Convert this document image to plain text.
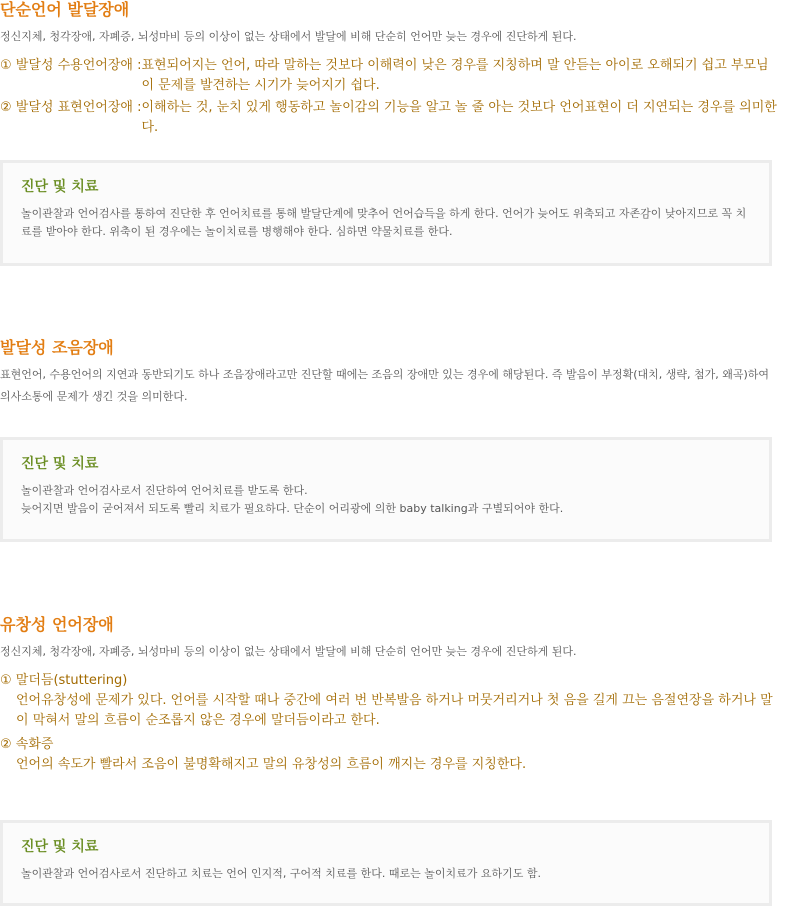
단순언어 발달장애

정신지체, 청각장애, 자폐증, 뇌성마비 등의 이상이 없는 상태에서 발달에 비해 단순히 언어만 늦는 경우에 진단하게 된다.

① 발달성 수용언어장애 : 표현되어지는 언어, 따라 말하는 것보다 이해력이 낮은 경우를 지칭하며 말 안듣는 아이로 오해되기 쉽고 부모님이 문제를 발견하는 시기가 늦어지기 쉽다.
② 발달성 표현언어장애 : 이해하는 것, 눈치 있게 행동하고 놀이감의 기능을 알고 놀 줄 아는 것보다 언어표현이 더 지연되는 경우를 의미한다.
진단 및 치료

놀이관찰과 언어검사를 통하여 진단한 후 언어치료를 통해 발달단계에 맞추어 언어습득을 하게 한다. 언어가 늦어도 위축되고 자존감이 낮아지므로 꼭 치료를 받아야 한다. 위축이 된 경우에는 놀이치료를 병행해야 한다. 심하면 약물치료를 한다.

발달성 조음장애

표현언어, 수용언어의 지연과 동반되기도 하나 조음장애라고만 진단할 때에는 조음의 장애만 있는 경우에 해당된다. 즉 발음이 부정확(대치, 생략, 첨가, 왜곡)하여 의사소통에 문제가 생긴 것을 의미한다.

진단 및 치료

놀이관찰과 언어검사로서 진단하여 언어치료를 받도록 한다.

늦어지면 발음이 굳어져서 되도록 빨리 치료가 필요하다. 단순이 어리광에 의한 baby talking과 구별되어야 한다.

유창성 언어장애

정신지체, 청각장애, 자폐증, 뇌성마비 등의 이상이 없는 상태에서 발달에 비해 단순히 언어만 늦는 경우에 진단하게 된다.

① 말더듬(stuttering)
언어유창성에 문제가 있다. 언어를 시작할 때나 중간에 여러 번 반복발음 하거나 머뭇거리거나 첫 음을 길게 끄는 음절연장을 하거나 말이 막혀서 말의 흐름이 순조롭지 않은 경우에 말더듬이라고 한다.
② 속화증
언어의 속도가 빨라서 조음이 불명확해지고 말의 유창성의 흐름이 깨지는 경우를 지칭한다.
진단 및 치료

놀이관찰과 언어검사로서 진단하고 치료는 언어 인지적, 구어적 치료를 한다. 때로는 놀이치료가 요하기도 함.
